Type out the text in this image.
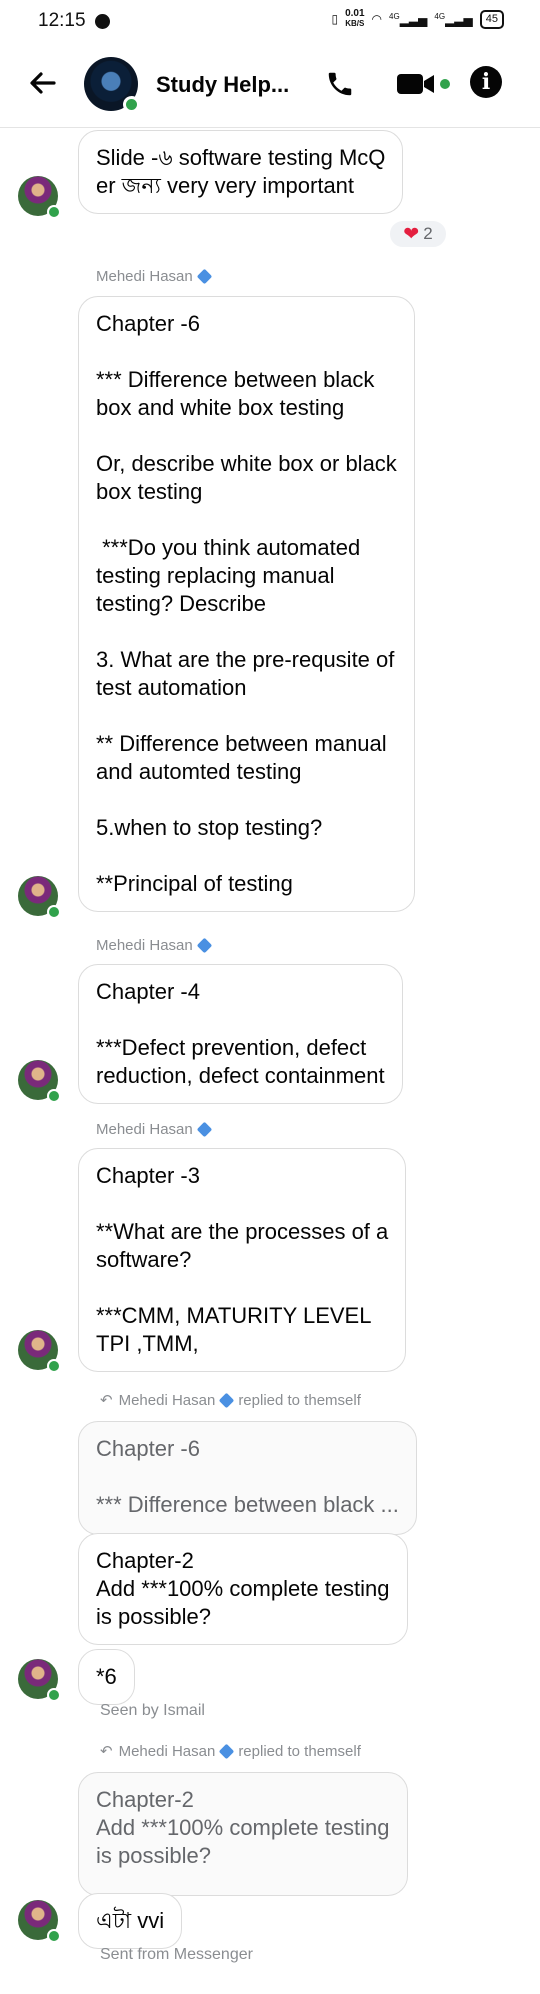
12:15	▯ 0.01
KB/S ◠ $^{4G}$▂▃▅ $^{4G}$▂▃▅	45
Study Help...	i
Slide -৬ software testing McQ
er জন্য very very important
❤ 2
Mehedi Hasan
Chapter -6

*** Difference between black
box and white box testing

Or, describe white box or black
box testing

***Do you think automated
testing replacing manual
testing? Describe

3. What are the pre-requsite of
test automation

** Difference between manual
and automted testing

5.when to stop testing?

**Principal of testing
Mehedi Hasan
Chapter -4

***Defect prevention, defect
reduction, defect containment
Mehedi Hasan
Chapter -3

**What are the processes of a
software?

***CMM, MATURITY LEVEL
TPI ,TMM,
↶ Mehedi Hasan replied to themself
Chapter -6

*** Difference between black ...
Chapter-2
Add ***100% complete testing
is possible?
*6
Seen by Ismail
↶ Mehedi Hasan replied to themself
Chapter-2
Add ***100% complete testing
is possible?
এটা vvi
Sent from Messenger
